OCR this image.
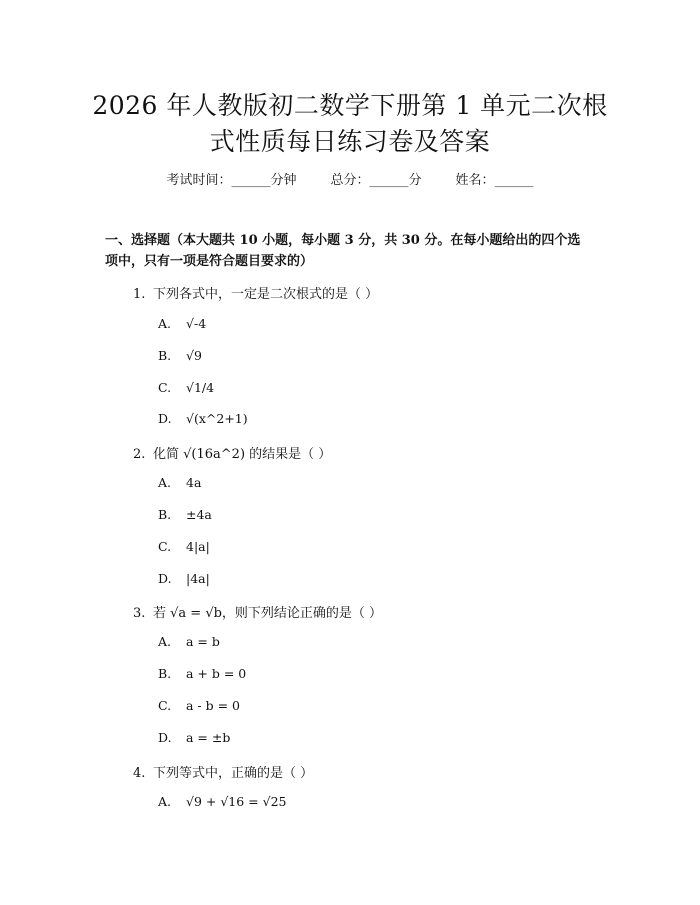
2026 年人教版初二数学下册第 1 单元二次根
式性质每日练习卷及答案
考试时间：______分钟	总分：______分	姓名：______

一、选择题（本大题共 10 小题，每小题 3 分，共 30 分。在每小题给出的四个选

项中，只有一项是符合题目要求的）

1. 下列各式中，一定是二次根式的是（ ）
A. √-4
B. √9
C. √1/4
D. √(x^2+1)
2. 化简 √(16a^2) 的结果是（ ）
A. 4a
B. ±4a
C. 4|a|
D. |4a|
3. 若 √a = √b，则下列结论正确的是（ ）
A. a = b
B. a + b = 0
C. a - b = 0
D. a = ±b
4. 下列等式中，正确的是（ ）
A. √9 + √16 = √25
